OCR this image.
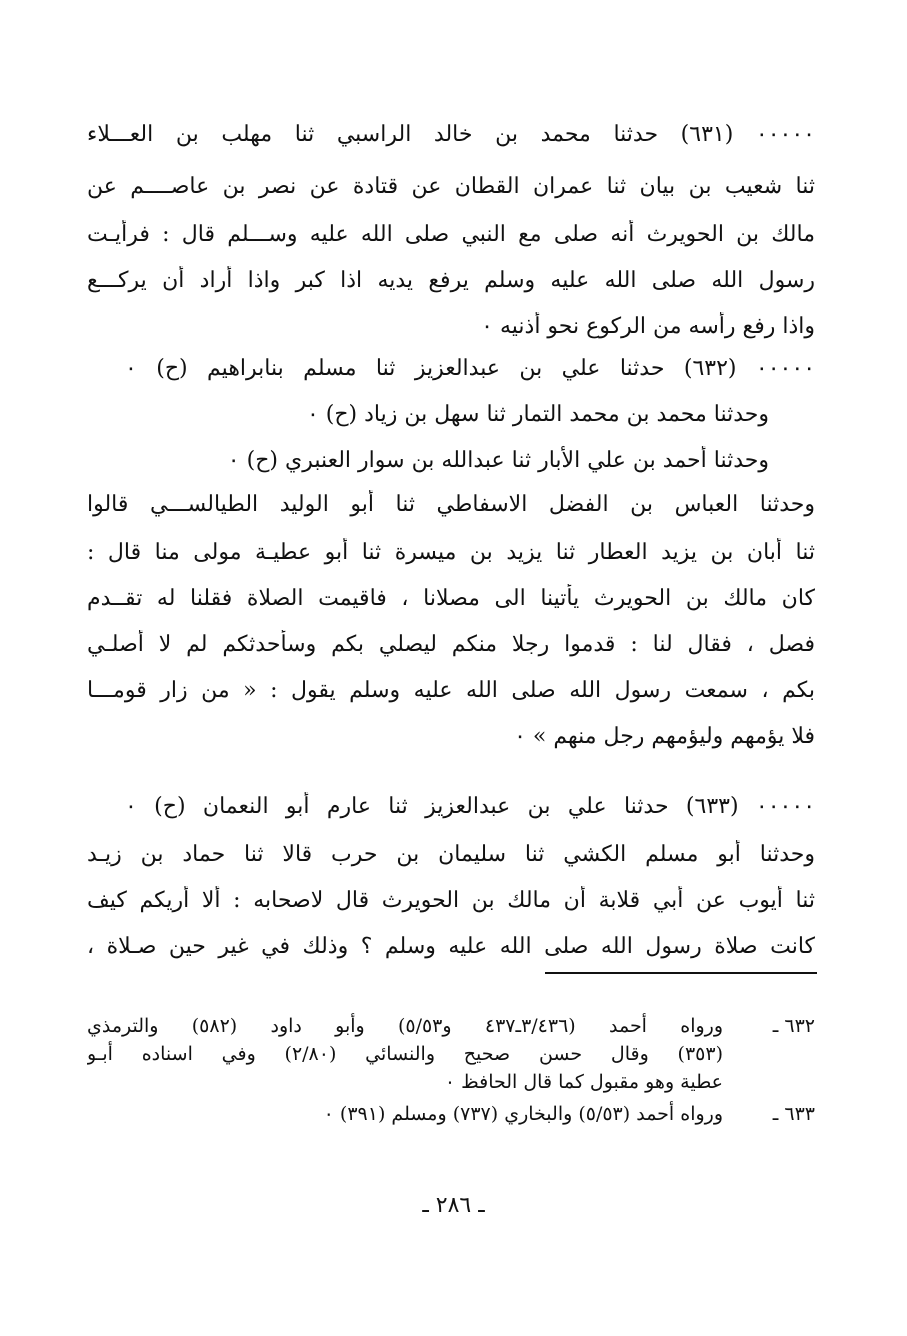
٠٠٠٠٠ (٦٣١) حدثنا محمد بن خالد الراسبي ثنا مهلب بن العـــلاء
ثنا شعيب بن بيان ثنا عمران القطان عن قتادة عن نصر بن عاصــــم عن
مالك بن الحويرث أنه صلى مع النبي صلى الله عليه وســـلم قال : فرأيـت
رسول الله صلى الله عليه وسلم يرفع يديه اذا كبر واذا أراد أن يركـــع
واذا رفع رأسه من الركوع نحو أذنيه ٠
٠٠٠٠٠ (٦٣٢) حدثنا علي بن عبدالعزيز ثنا مسلم بنابراهيم (ح) ٠
وحدثنا محمد بن محمد التمار ثنا سهل بن زياد (ح) ٠
وحدثنا أحمد بن علي الأبار ثنا عبدالله بن سوار العنبري (ح) ٠
وحدثنا العباس بن الفضل الاسفاطي ثنا أبو الوليد الطيالســـي قالوا
ثنا أبان بن يزيد العطار ثنا يزيد بن ميسرة ثنا أبو عطيـة مولى منا قال :
كان مالك بن الحويرث يأتينا الى مصلانا ، فاقيمت الصلاة فقلنا له تقــدم
فصل ، فقال لنا : قدموا رجلا منكم ليصلي بكم وسأحدثكم لم لا أصلـي
بكم ، سمعت رسول الله صلى الله عليه وسلم يقول : « من زار قومـــا
فلا يؤمهم وليؤمهم رجل منهم » ٠
٠٠٠٠٠ (٦٣٣) حدثنا علي بن عبدالعزيز ثنا عارم أبو النعمان (ح) ٠
وحدثنا أبو مسلم الكشي ثنا سليمان بن حرب قالا ثنا حماد بن زيـد
ثنا أيوب عن أبي قلابة أن مالك بن الحويرث قال لاصحابه : ألا أريكم كيف
كانت صلاة رسول الله صلى الله عليه وسلم ؟ وذلك في غير حين صـلاة ،
٦٣٢ ـ
ورواه أحمد (٣/٤٣٦ـ٤٣٧ و٥/٥٣) وأبو داود (٥٨٢) والترمذي
(٣٥٣) وقال حسن صحيح والنسائي (٢/٨٠) وفي اسناده أبـو
عطية وهو مقبول كما قال الحافظ ٠
٦٣٣ ـ
ورواه أحمد (٥/٥٣) والبخاري (٧٣٧) ومسلم (٣٩١) ٠
ـ ٢٨٦ ـ
